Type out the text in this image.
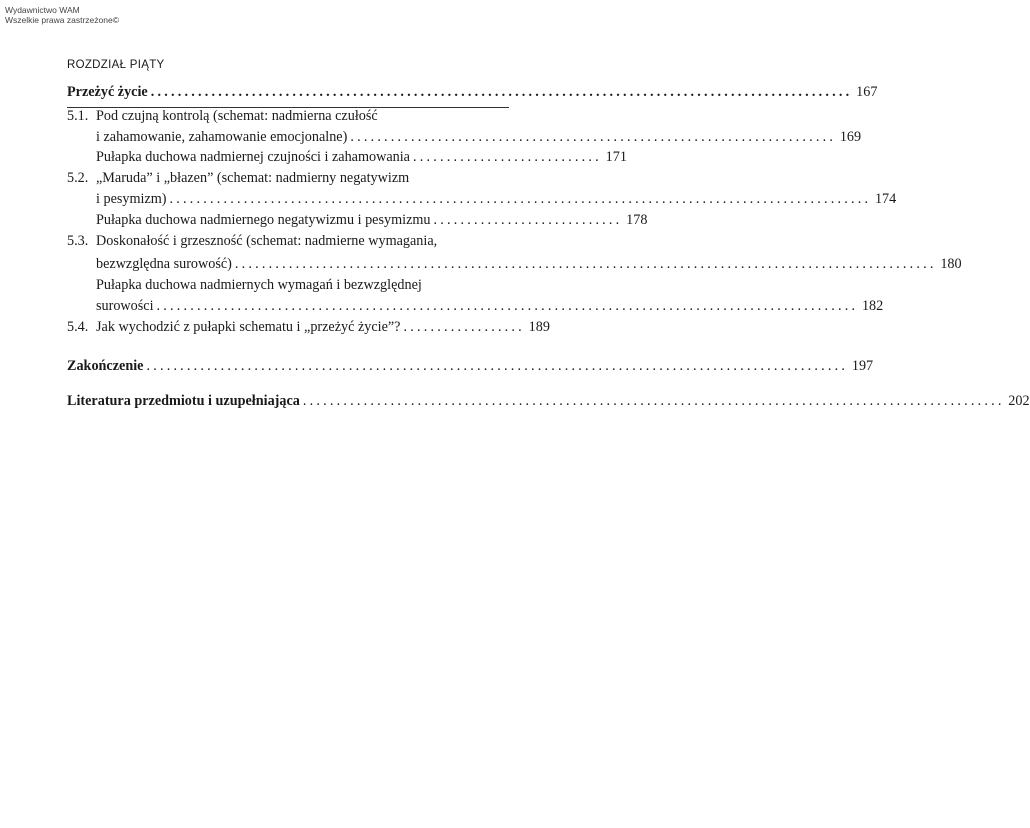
Wydawnictwo WAM
Wszelkie prawa zastrzeżone©
ROZDZIAŁ PIĄTY
Przeżyć życie ........................................................................................................ 167
5.1. Pod czujną kontrolą (schemat: nadmierna czułość
i zahamowanie, zahamowanie emocjonalne) ........................................................................ 169
Pułapka duchowa nadmiernej czujności i zahamowania ............................ 171
5.2. „Maruda” i „błazen” (schemat: nadmierny negatywizm
i pesymizm) ........................................................................................................ 174
Pułapka duchowa nadmiernego negatywizmu i pesymizmu ............................ 178
5.3. Doskonałość i grzeszność (schemat: nadmierne wymagania,
bezwzględna surowość) ........................................................................................................ 180
Pułapka duchowa nadmiernych wymagań i bezwzględnej
surowości ........................................................................................................ 182
5.4. Jak wychodzić z pułapki schematu i „przeżyć życie”? .................. 189
Zakończenie ........................................................................................................ 197
Literatura przedmiotu i uzupełniająca ........................................................................................................ 202
